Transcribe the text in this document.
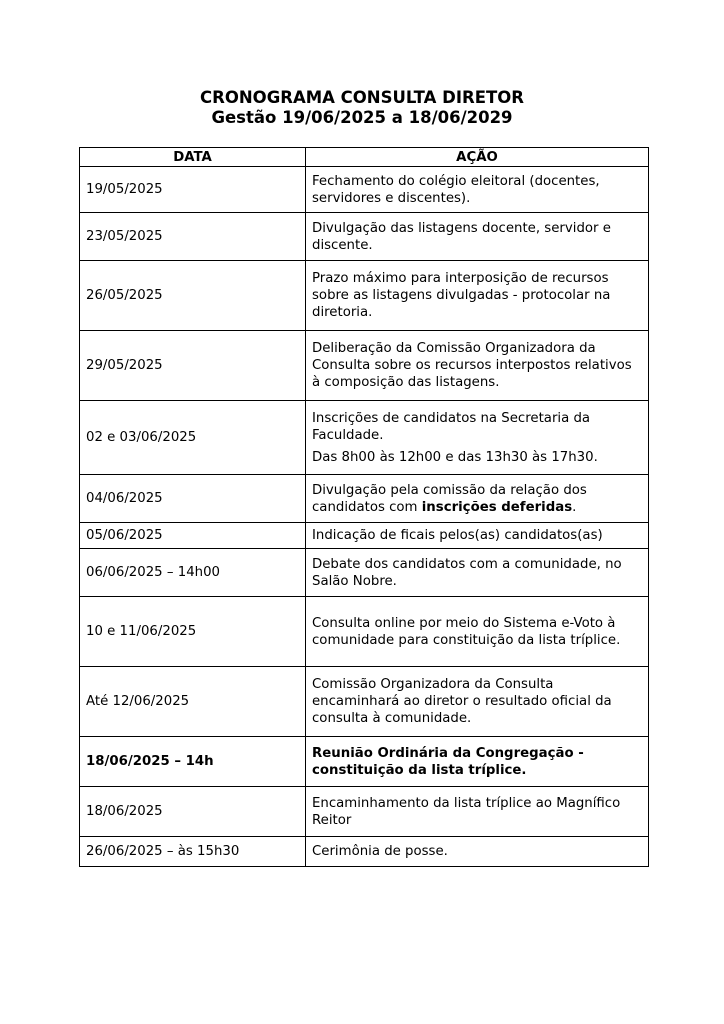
CRONOGRAMA CONSULTA DIRETOR
Gestão 19/06/2025 a 18/06/2029
DATA	AÇÃO
19/05/2025	Fechamento do colégio eleitoral (docentes, servidores e discentes).
23/05/2025	Divulgação das listagens docente, servidor e discente.
26/05/2025	Prazo máximo para interposição de recursos sobre as listagens divulgadas - protocolar na diretoria.
29/05/2025	Deliberação da Comissão Organizadora da Consulta sobre os recursos interpostos relativos à composição das listagens.
02 e 03/06/2025	Inscrições de candidatos na Secretaria da Faculdade.
Das 8h00 às 12h00 e das 13h30 às 17h30.

04/06/2025	Divulgação pela comissão da relação dos candidatos com inscrições deferidas.
05/06/2025	Indicação de ficais pelos(as) candidatos(as)
06/06/2025 – 14h00	Debate dos candidatos com a comunidade, no Salão Nobre.
10 e 11/06/2025	Consulta online por meio do Sistema e-Voto à comunidade para constituição da lista tríplice.
Até 12/06/2025	Comissão Organizadora da Consulta encaminhará ao diretor o resultado oficial da consulta à comunidade.
18/06/2025 – 14h	Reunião Ordinária da Congregação - constituição da lista tríplice.
18/06/2025	Encaminhamento da lista tríplice ao Magnífico Reitor
26/06/2025 – às 15h30	Cerimônia de posse.
